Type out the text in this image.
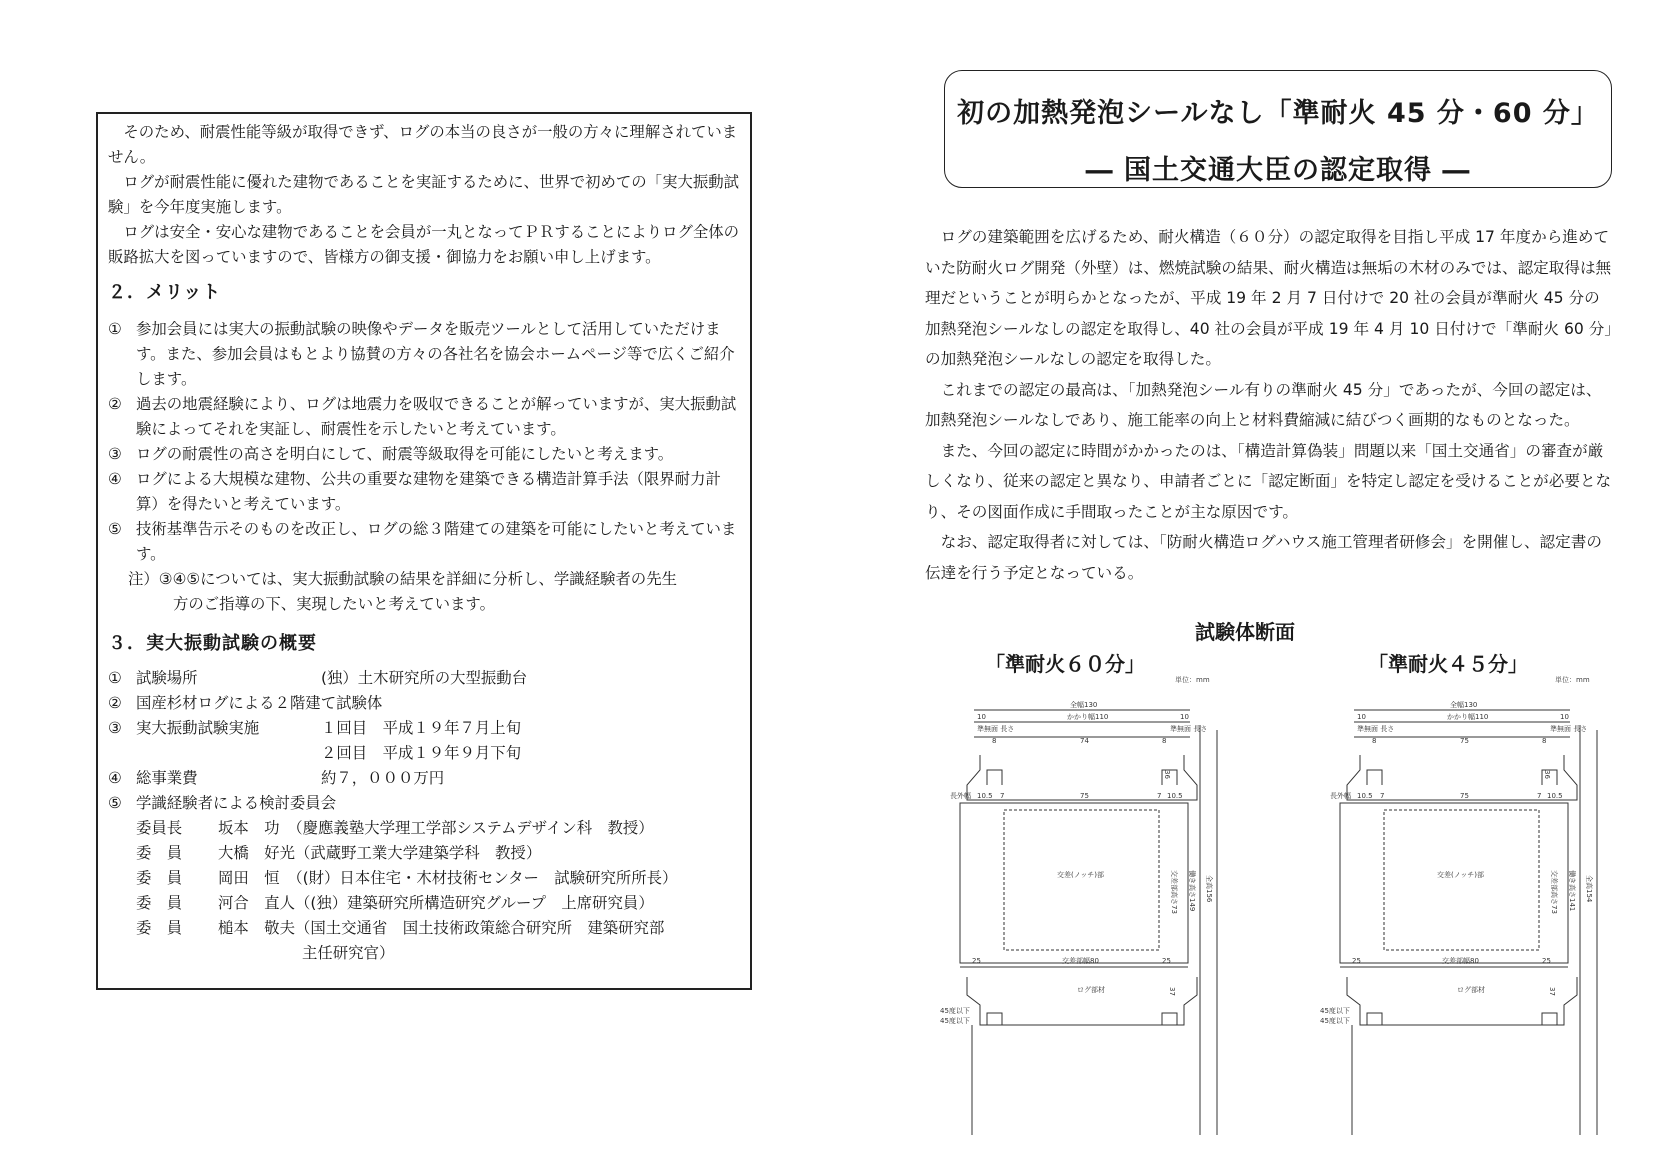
そのため、耐震性能等級が取得できず、ログの本当の良さが一般の方々に理解されていません。

ログが耐震性能に優れた建物であることを実証するために、世界で初めての「実大振動試験」を今年度実施します。

ログは安全・安心な建物であることを会員が一丸となってＰＲすることによりログ全体の販路拡大を図っていますので、皆様方の御支援・御協力をお願い申し上げます。

２．メリット
① 参加会員には実大の振動試験の映像やデータを販売ツールとして活用していただけます。また、参加会員はもとより協賛の方々の各社名を協会ホームページ等で広くご紹介します。
② 過去の地震経験により、ログは地震力を吸収できることが解っていますが、実大振動試験によってそれを実証し、耐震性を示したいと考えています。
③ ログの耐震性の高さを明白にして、耐震等級取得を可能にしたいと考えます。
④ ログによる大規模な建物、公共の重要な建物を建築できる構造計算手法（限界耐力計算）を得たいと考えています。
⑤ 技術基準告示そのものを改正し、ログの総３階建ての建築を可能にしたいと考えています。
注）③④⑤については、実大振動試験の結果を詳細に分析し、学識経験者の先生
方のご指導の下、実現したいと考えています。
３．実大振動試験の概要
① 試験場所	(独）土木研究所の大型振動台
② 国産杉材ログによる２階建て試験体
③ 実大振動試験実施	１回目　平成１９年７月上旬
２回目　平成１９年９月下旬
④ 総事業費	約７，０００万円
⑤ 学識経験者による検討委員会
委員長	坂本　功　（慶應義塾大学理工学部システムデザイン科　教授）
委　員	大橋　好光（武蔵野工業大学建築学科　教授）
委　員	岡田　恒　（(財）日本住宅・木材技術センター　試験研究所所長）
委　員	河合　直人（(独）建築研究所構造研究グループ　上席研究員）
委　員	槌本　敬夫（国土交通省　国土技術政策総合研究所　建築研究部
主任研究官）
初の加熱発泡シールなし「準耐火 45 分・60 分」
― 国土交通大臣の認定取得 ―

ログの建築範囲を広げるため、耐火構造（６０分）の認定取得を目指し平成 17 年度から進めていた防耐火ログ開発（外壁）は、燃焼試験の結果、耐火構造は無垢の木材のみでは、認定取得は無理だということが明らかとなったが、平成 19 年 2 月 7 日付けで 20 社の会員が準耐火 45 分の加熱発泡シールなしの認定を取得し、40 社の会員が平成 19 年 4 月 10 日付けで「準耐火 60 分」の加熱発泡シールなしの認定を取得した。

これまでの認定の最高は、「加熱発泡シール有りの準耐火 45 分」であったが、今回の認定は、加熱発泡シールなしであり、施工能率の向上と材料費縮減に結びつく画期的なものとなった。

また、今回の認定に時間がかかったのは、「構造計算偽装」問題以来「国土交通省」の審査が厳しくなり、従来の認定と異なり、申請者ごとに「認定断面」を特定し認定を受けることが必要となり、その図面作成に手間取ったことが主な原因です。

なお、認定取得者に対しては、「防耐火構造ログハウス施工管理者研修会」を開催し、認定書の伝達を行う予定となっている。

試験体断面
「準耐火６０分」	「準耐火４５分」
単位：mm	単位：mm
全幅130
かかり幅110
10	10
準無面 長さ	準無面 長さ
8	74	8
長外幅 10.5 7	75	7 10.5
交差(ノッチ)部
36
交差部高さ73 働き高さ149 全高156
25	交差部幅80	25
ログ部材	37
45度以下
45度以下
全幅130
かかり幅110
10	10
準無面 長さ	準無面 長さ
8	75	8
長外幅 10.5 7	75	7 10.5
交差(ノッチ)部
36
交差部高さ73 働き高さ141 全高154
25	交差部幅80	25
ログ部材	37
45度以下
45度以下
